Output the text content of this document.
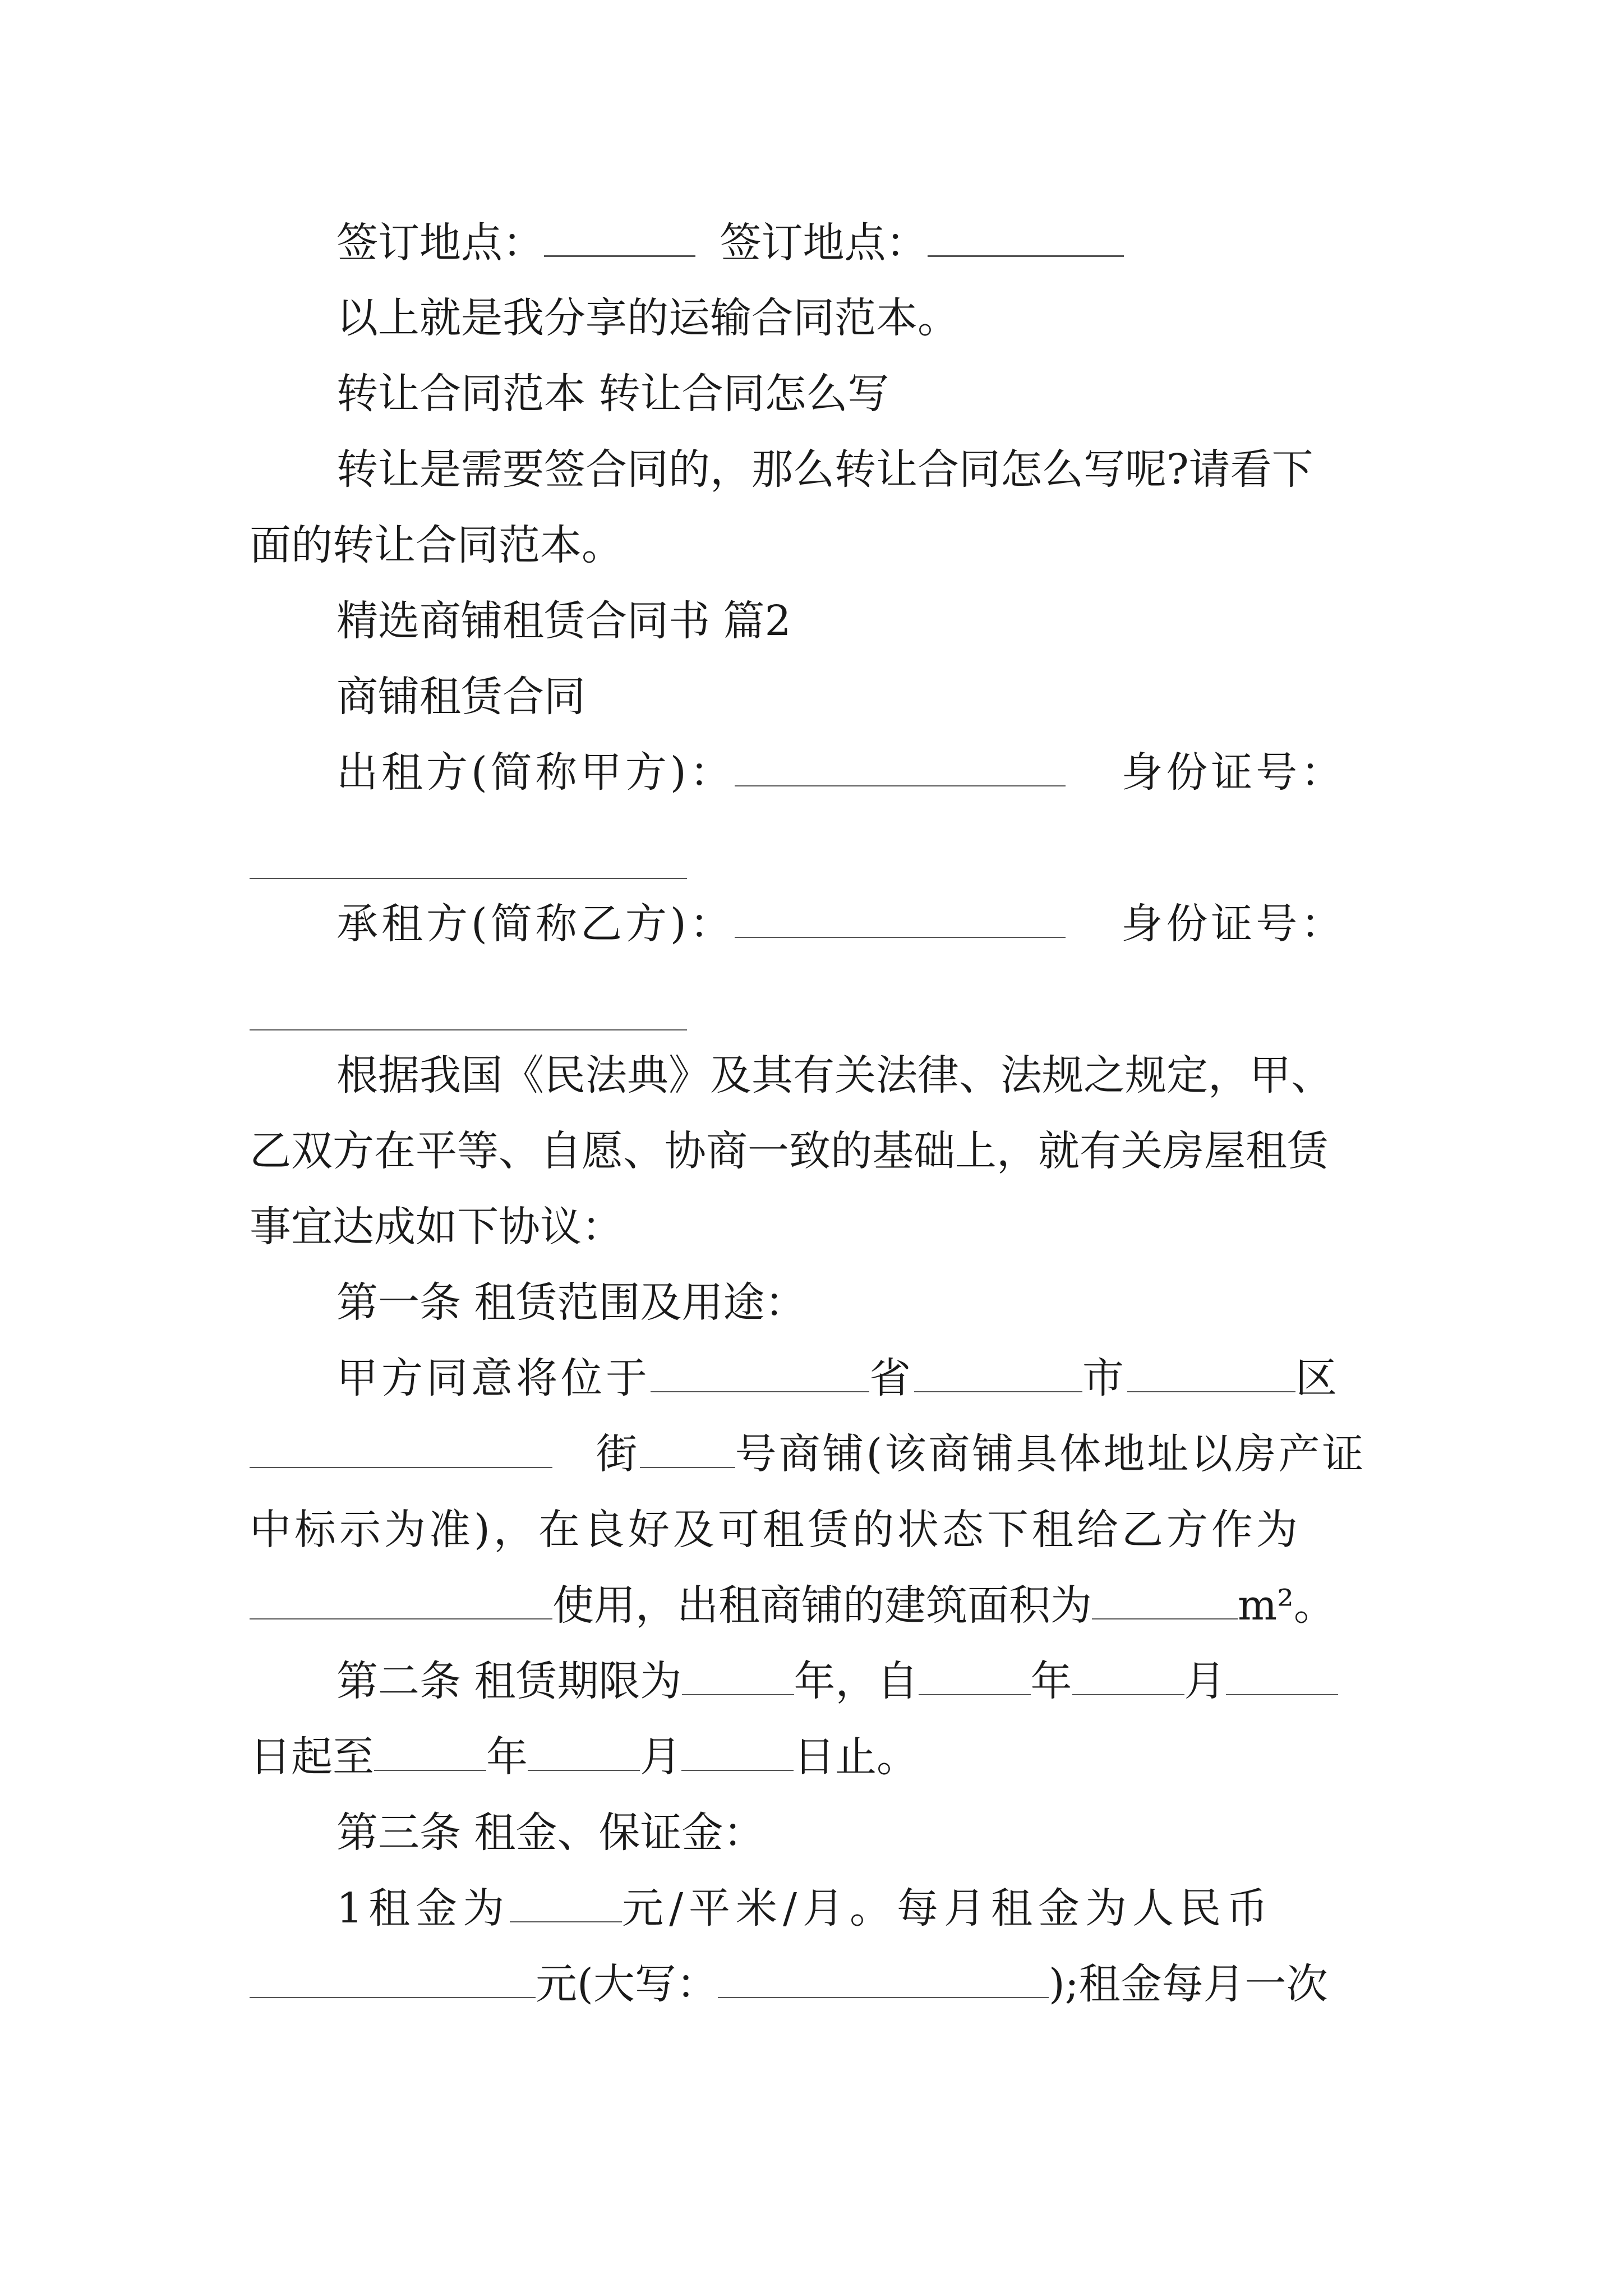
签订地点：	签订地点：
以上就是我分享的运输合同范本。
转让合同范本 转让合同怎么写
转让是需要签合同的，那么转让合同怎么写呢?请看下
面的转让合同范本。
精选商铺租赁合同书 篇2
商铺租赁合同
出租方(简称甲方)：	身份证号：
承租方(简称乙方)：	身份证号：
根据我国《民法典》及其有关法律、法规之规定，甲、
乙双方在平等、自愿、协商一致的基础上，就有关房屋租赁
事宜达成如下协议：
第一条 租赁范围及用途：
甲方同意将位于	省	市	区
街 号商铺(该商铺具体地址以房产证
中标示为准)，在良好及可租赁的状态下租给乙方作为
使用，出租商铺的建筑面积为	m²。
第二条 租赁期限为	年，自	年	月
日起至	年	月	日止。
第三条 租金、保证金：
1租金为	元/平米/月。每月租金为人民币
元(大写：	);租金每月一次
